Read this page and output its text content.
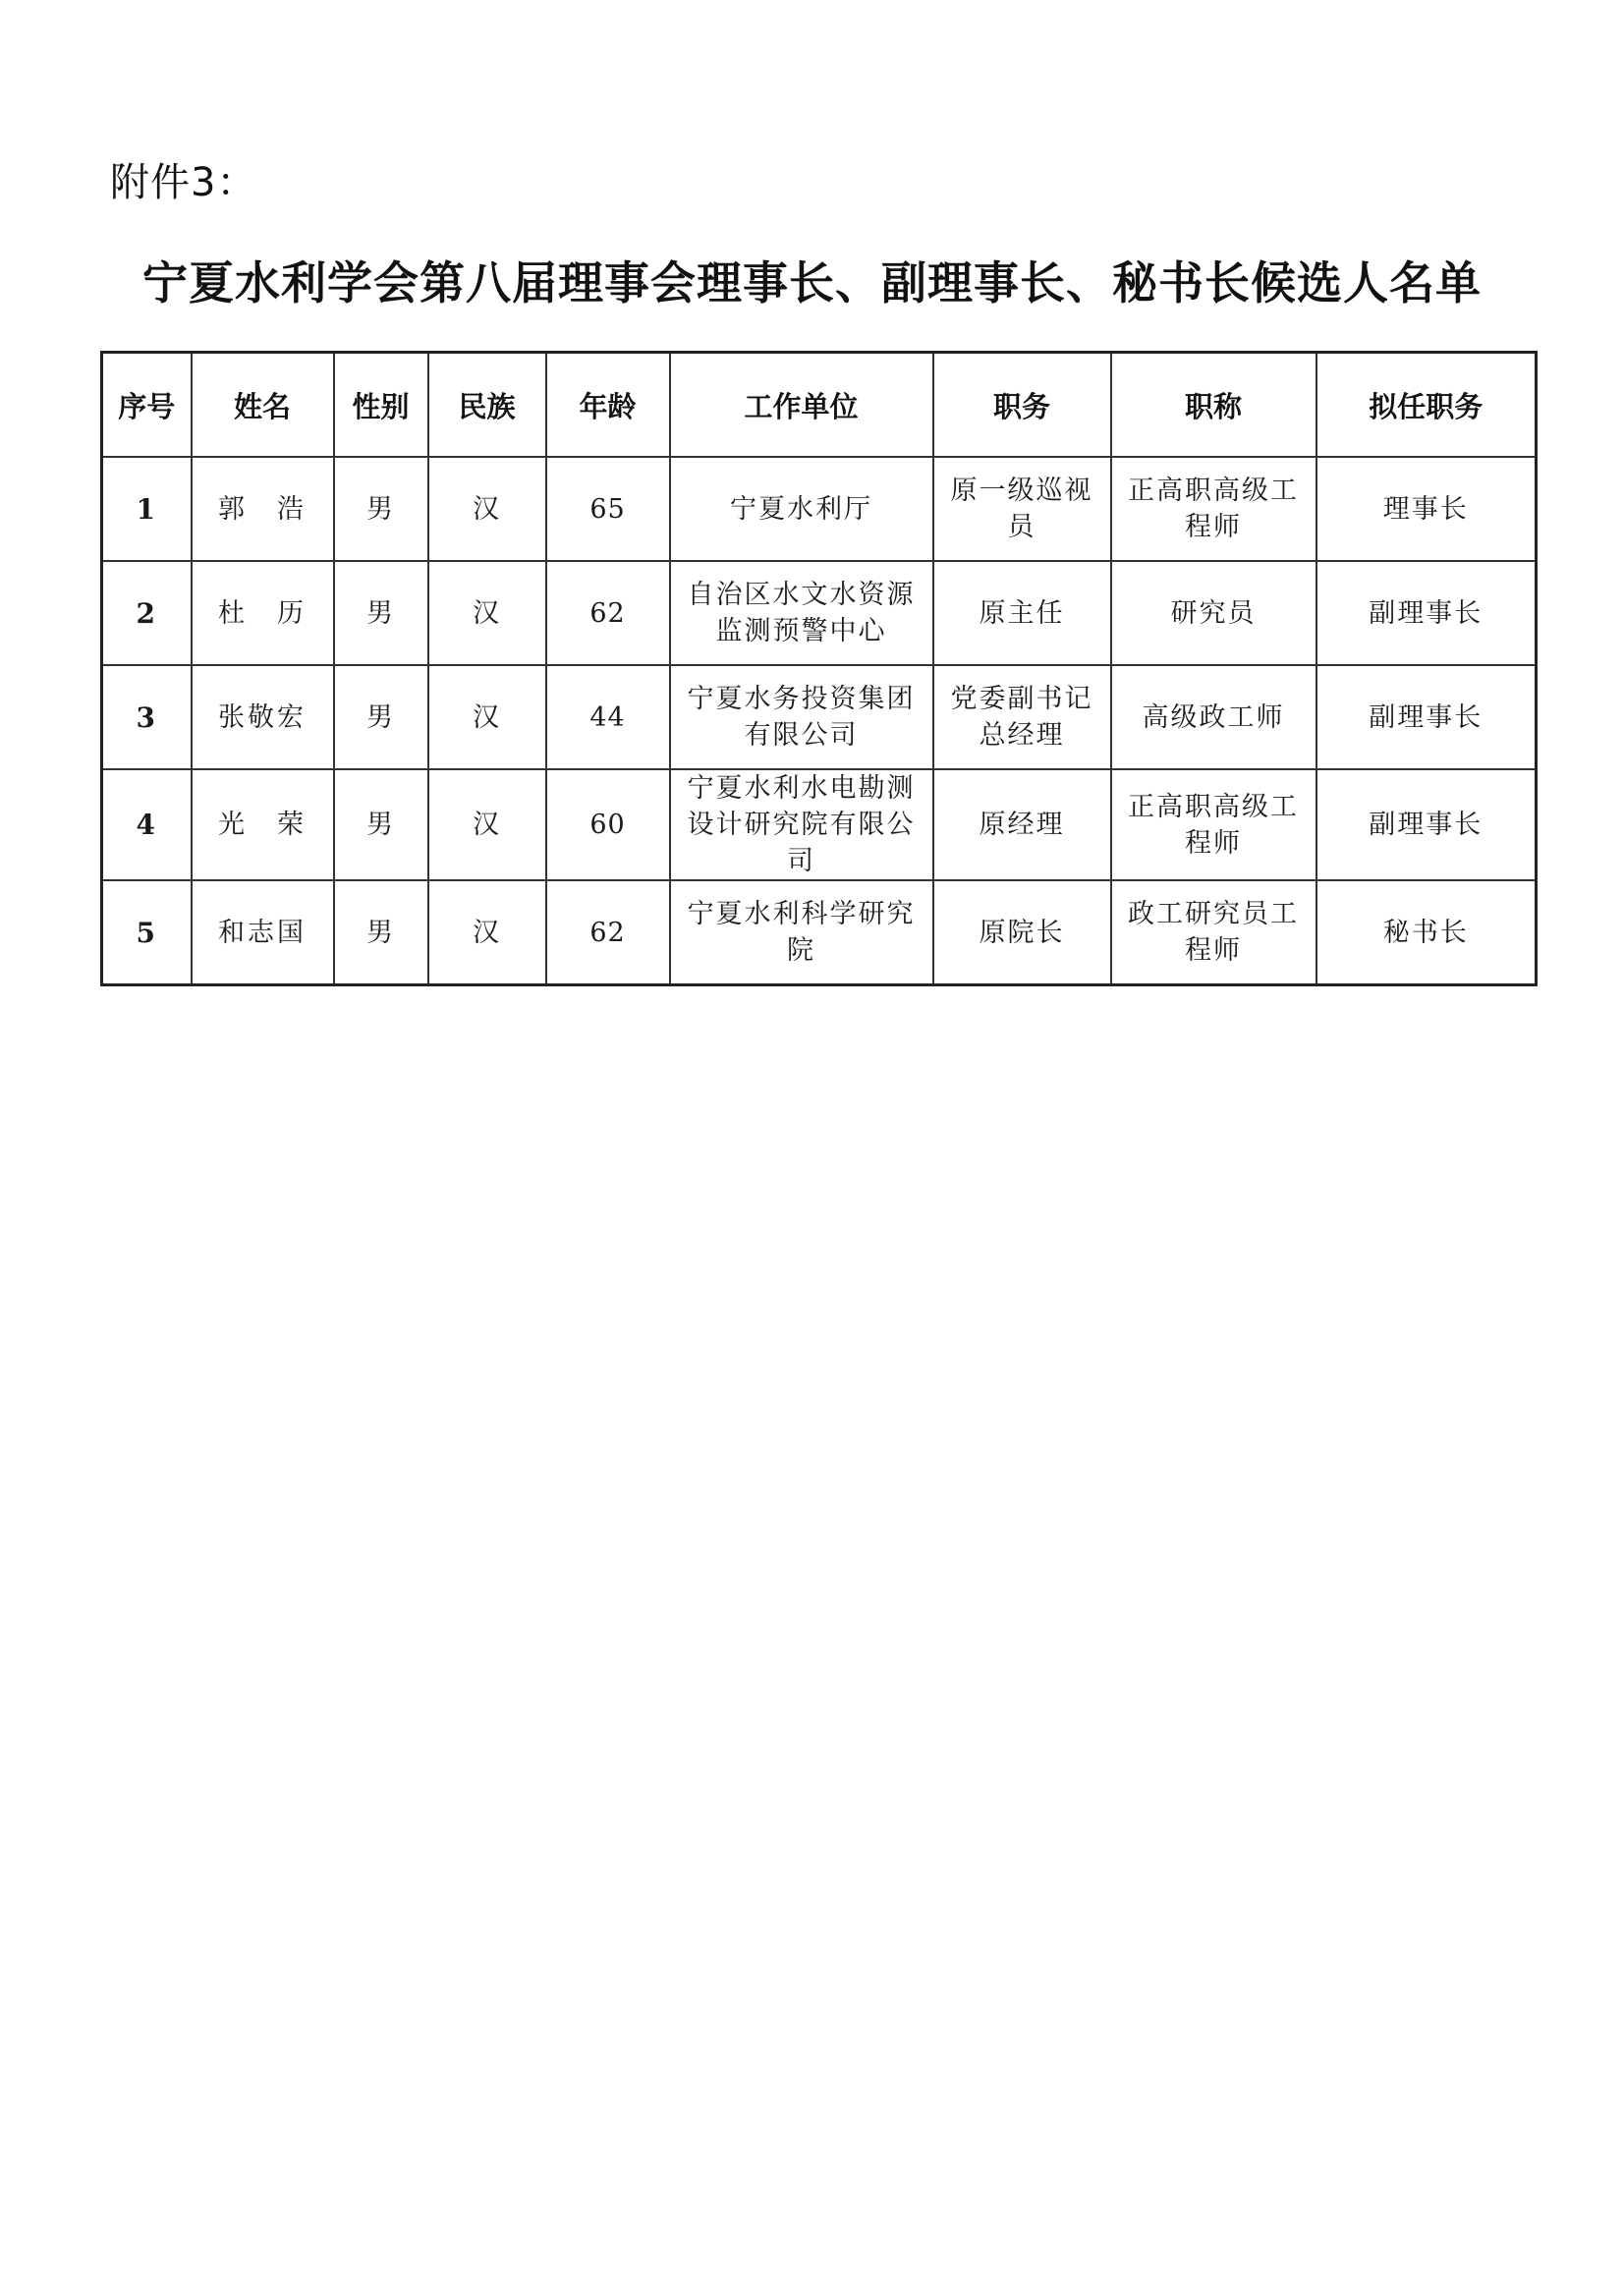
附件3：
宁夏水利学会第八届理事会理事长、副理事长、秘书长候选人名单
序号	姓名	性别	民族	年龄	工作单位	职务	职称	拟任职务
1	郭　浩	男	汉	65	宁夏水利厅	原一级巡视员	正高职高级工程师	理事长
2	杜　历	男	汉	62	自治区水文水资源监测预警中心	原主任	研究员	副理事长
3	张敬宏	男	汉	44	宁夏水务投资集团有限公司	党委副书记总经理	高级政工师	副理事长
4	光　荣	男	汉	60	宁夏水利水电勘测设计研究院有限公司	原经理	正高职高级工程师	副理事长
5	和志国	男	汉	62	宁夏水利科学研究院	原院长	政工研究员工程师	秘书长
